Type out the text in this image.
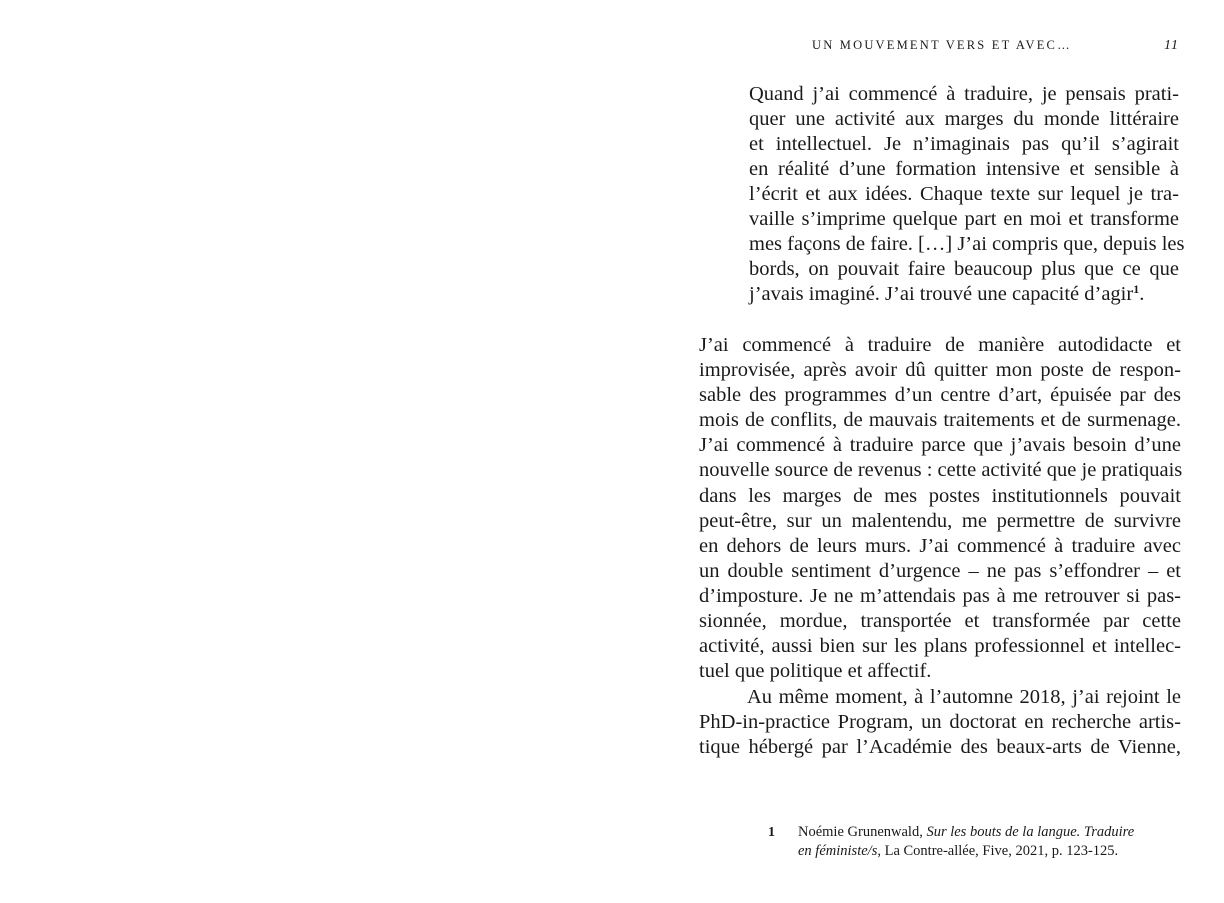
UN MOUVEMENT VERS ET AVEC…	11
Quand j’ai commencé à traduire, je pensais prati-
quer une activité aux marges du monde littéraire
et intellectuel. Je n’imaginais pas qu’il s’agirait
en réalité d’une formation intensive et sensible à
l’écrit et aux idées. Chaque texte sur lequel je tra-
vaille s’imprime quelque part en moi et transforme
mes façons de faire. […] J’ai compris que, depuis les
bords, on pouvait faire beaucoup plus que ce que
j’avais imaginé. J’ai trouvé une capacité d’agir$^1$.
J’ai commencé à traduire de manière autodidacte et
improvisée, après avoir dû quitter mon poste de respon-
sable des programmes d’un centre d’art, épuisée par des
mois de conflits, de mauvais traitements et de surmenage.
J’ai commencé à traduire parce que j’avais besoin d’une
nouvelle source de revenus : cette activité que je pratiquais
dans les marges de mes postes institutionnels pouvait
peut-être, sur un malentendu, me permettre de survivre
en dehors de leurs murs. J’ai commencé à traduire avec
un double sentiment d’urgence – ne pas s’effondrer – et
d’imposture. Je ne m’attendais pas à me retrouver si pas-
sionnée, mordue, transportée et transformée par cette
activité, aussi bien sur les plans professionnel et intellec-
tuel que politique et affectif.
Au même moment, à l’automne 2018, j’ai rejoint le
PhD-in-practice Program, un doctorat en recherche artis-
tique hébergé par l’Académie des beaux-arts de Vienne,
1 Noémie Grunenwald, Sur les bouts de la langue. Traduire
en féministe/s, La Contre-allée, Five, 2021, p. 123-125.
